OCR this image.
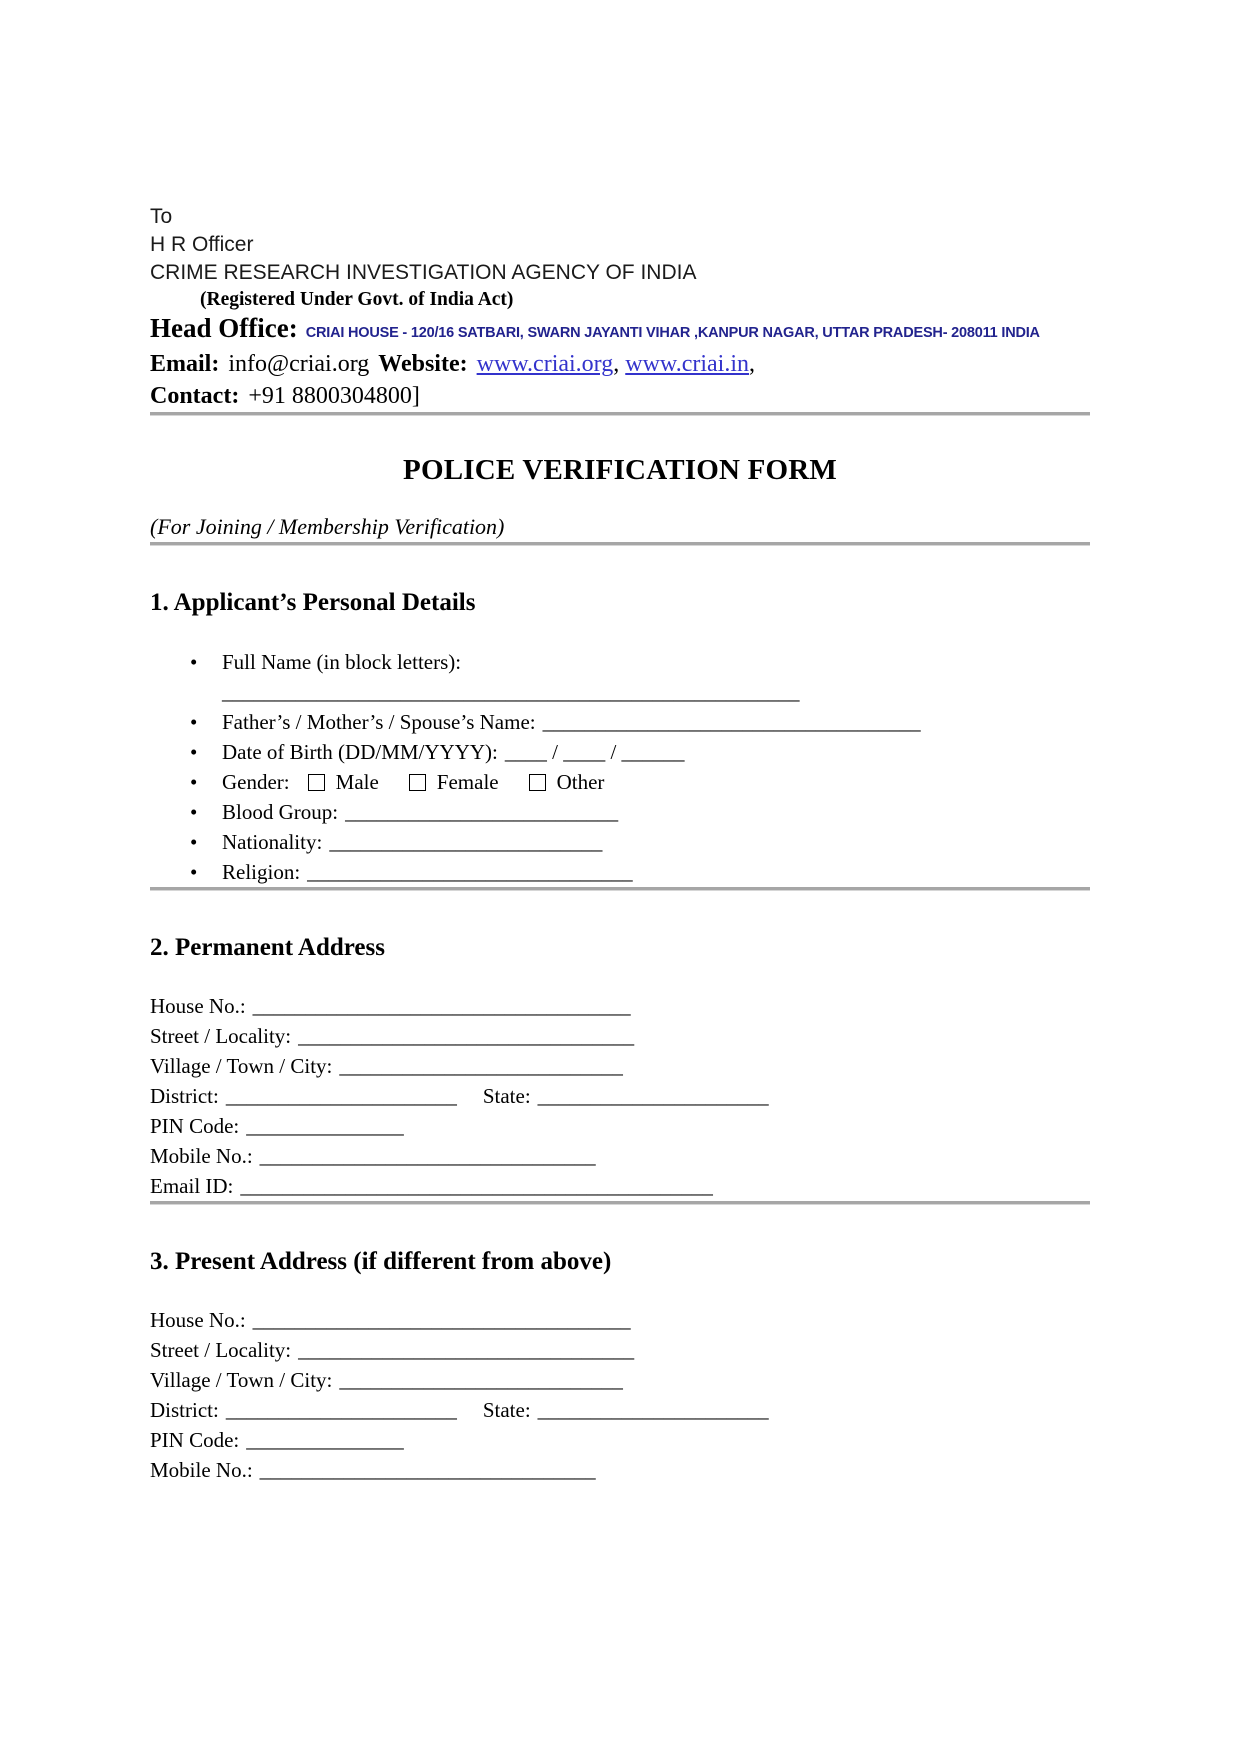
To

H R Officer

CRIME RESEARCH INVESTIGATION AGENCY OF INDIA

(Registered Under Govt. of India Act)

Head Office: CRIAI HOUSE - 120/16 SATBARI, SWARN JAYANTI VIHAR ,KANPUR NAGAR, UTTAR PRADESH- 208011 INDIA

Email: info@criai.org Website: www.criai.org, www.criai.in,

Contact: +91 8800304800]

POLICE VERIFICATION FORM

(For Joining / Membership Verification)

1. Applicant’s Personal Details
• Full Name (in block letters):
_______________________________________________________
• Father’s / Mother’s / Spouse’s Name: ____________________________________
• Date of Birth (DD/MM/YYYY): ____ / ____ / ______
• Gender: Male	Female	Other
• Blood Group: __________________________
• Nationality: __________________________
• Religion: _______________________________
2. Permanent Address
House No.: ____________________________________
Street / Locality: ________________________________
Village / Town / City: ___________________________
District: ______________________ State: ______________________
PIN Code: _______________
Mobile No.: ________________________________
Email ID: _____________________________________________
3. Present Address (if different from above)
House No.: ____________________________________
Street / Locality: ________________________________
Village / Town / City: ___________________________
District: ______________________ State: ______________________
PIN Code: _______________
Mobile No.: ________________________________
